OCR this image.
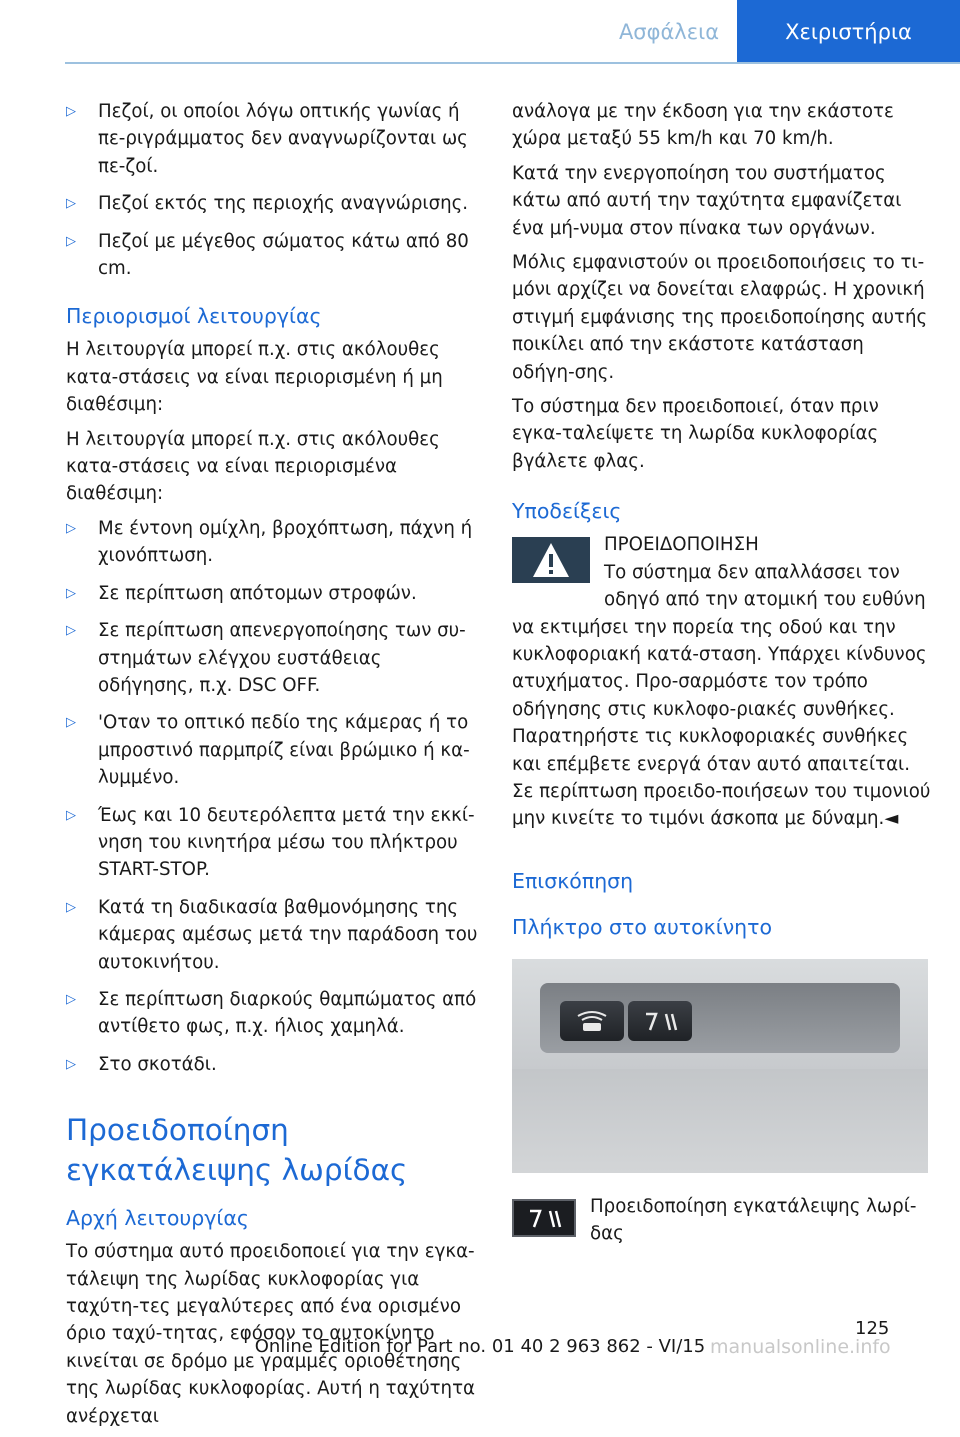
Ασφάλεια	Χειριστήρια
▷ Πεζοί, οι οποίοι λόγω οπτικής γωνίας ή πε-ριγράμματος δεν αναγνωρίζονται ως πε-ζοί.
▷ Πεζοί εκτός της περιοχής αναγνώρισης.
▷ Πεζοί με μέγεθος σώματος κάτω από 80 cm.
Περιορισμοί λειτουργίας
Η λειτουργία μπορεί π.χ. στις ακόλουθες κατα-στάσεις να είναι περιορισμένη ή μη διαθέσιμη:
Η λειτουργία μπορεί π.χ. στις ακόλουθες κατα-στάσεις να είναι περιορισμένα διαθέσιμη:
▷ Με έντονη ομίχλη, βροχόπτωση, πάχνη ή χιονόπτωση.
▷ Σε περίπτωση απότομων στροφών.
▷ Σε περίπτωση απενεργοποίησης των συ-στημάτων ελέγχου ευστάθειας οδήγησης, π.χ. DSC OFF.
▷ 'Οταν το οπτικό πεδίο της κάμερας ή το μπροστινό παρμπρίζ είναι βρώμικο ή κα-λυμμένο.
▷ Έως και 10 δευτερόλεπτα μετά την εκκί-νηση του κινητήρα μέσω του πλήκτρου START-STOP.
▷ Κατά τη διαδικασία βαθμονόμησης της κάμερας αμέσως μετά την παράδοση του αυτοκινήτου.
▷ Σε περίπτωση διαρκούς θαμπώματος από αντίθετο φως, π.χ. ήλιος χαμηλά.
▷ Στο σκοτάδι.
Προειδοποίηση εγκατάλειψης λωρίδας
Αρχή λειτουργίας
Το σύστημα αυτό προειδοποιεί για την εγκα-τάλειψη της λωρίδας κυκλοφορίας για ταχύτη-τες μεγαλύτερες από ένα ορισμένο όριο ταχύ-τητας, εφόσον το αυτοκίνητο κινείται σε δρόμο με γραμμές οριοθέτησης της λωρίδας κυκλοφορίας. Αυτή η ταχύτητα ανέρχεται
ανάλογα με την έκδοση για την εκάστοτε χώρα μεταξύ 55 km/h και 70 km/h.
Κατά την ενεργοποίηση του συστήματος κάτω από αυτή την ταχύτητα εμφανίζεται ένα μή-νυμα στον πίνακα των οργάνων.
Μόλις εμφανιστούν οι προειδοποιήσεις το τι-μόνι αρχίζει να δονείται ελαφρώς. Η χρονική στιγμή εμφάνισης της προειδοποίησης αυτής ποικίλει από την εκάστοτε κατάσταση οδήγη-σης.
Το σύστημα δεν προειδοποιεί, όταν πριν εγκα-ταλείψετε τη λωρίδα κυκλοφορίας βγάλετε φλας.
Υποδείξεις
ΠΡΟΕΙΔΟΠΟΙΗΣΗ
Το σύστημα δεν απαλλάσσει τον οδηγό από την ατομική του ευθύνη να εκτιμήσει την πορεία της οδού και την κυκλοφοριακή κατά-σταση. Υπάρχει κίνδυνος ατυχήματος. Προ-σαρμόστε τον τρόπο οδήγησης στις κυκλοφο-ριακές συνθήκες. Παρατηρήστε τις κυκλοφοριακές συνθήκες και επέμβετε ενεργά όταν αυτό απαιτείται. Σε περίπτωση προειδο-ποιήσεων του τιμονιού μην κινείτε το τιμόνι άσκοπα με δύναμη.◄
Επισκόπηση
Πλήκτρο στο αυτοκίνητο
Προειδοποίηση εγκατάλειψης λωρί-δας
125
Online Edition for Part no. 01 40 2 963 862 - VI/15 manualsonline.info
